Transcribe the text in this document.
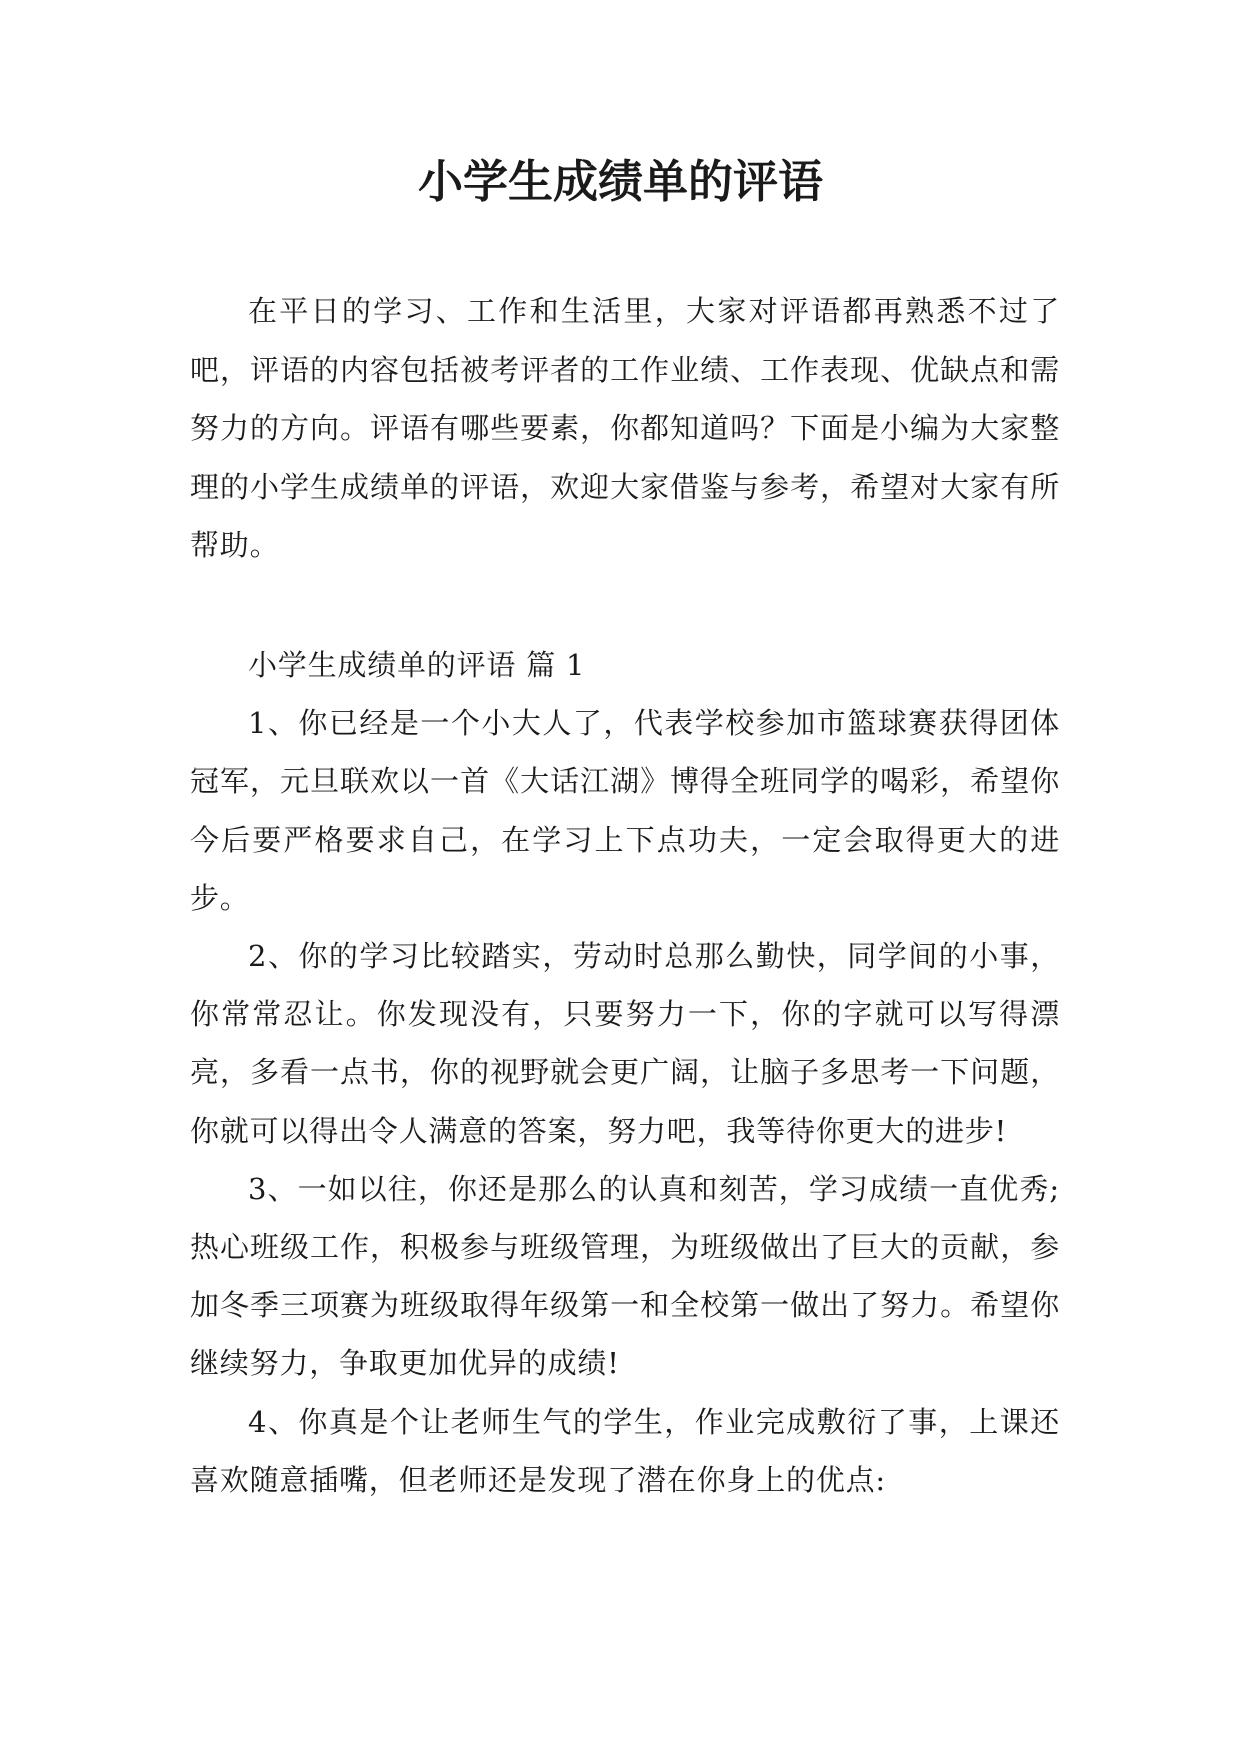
小学生成绩单的评语

在平日的学习、工作和生活里，大家对评语都再熟悉不过了吧，评语的内容包括被考评者的工作业绩、工作表现、优缺点和需努力的方向。评语有哪些要素，你都知道吗？下面是小编为大家整理的小学生成绩单的评语，欢迎大家借鉴与参考，希望对大家有所帮助。

小学生成绩单的评语 篇 1

1、你已经是一个小大人了，代表学校参加市篮球赛获得团体冠军，元旦联欢以一首《大话江湖》博得全班同学的喝彩，希望你今后要严格要求自己，在学习上下点功夫，一定会取得更大的进步。

2、你的学习比较踏实，劳动时总那么勤快，同学间的小事，你常常忍让。你发现没有，只要努力一下，你的字就可以写得漂亮，多看一点书，你的视野就会更广阔，让脑子多思考一下问题，你就可以得出令人满意的答案，努力吧，我等待你更大的进步!

3、一如以往，你还是那么的认真和刻苦，学习成绩一直优秀;热心班级工作，积极参与班级管理，为班级做出了巨大的贡献，参加冬季三项赛为班级取得年级第一和全校第一做出了努力。希望你继续努力，争取更加优异的成绩!

4、你真是个让老师生气的学生，作业完成敷衍了事，上课还喜欢随意插嘴，但老师还是发现了潜在你身上的优点:
